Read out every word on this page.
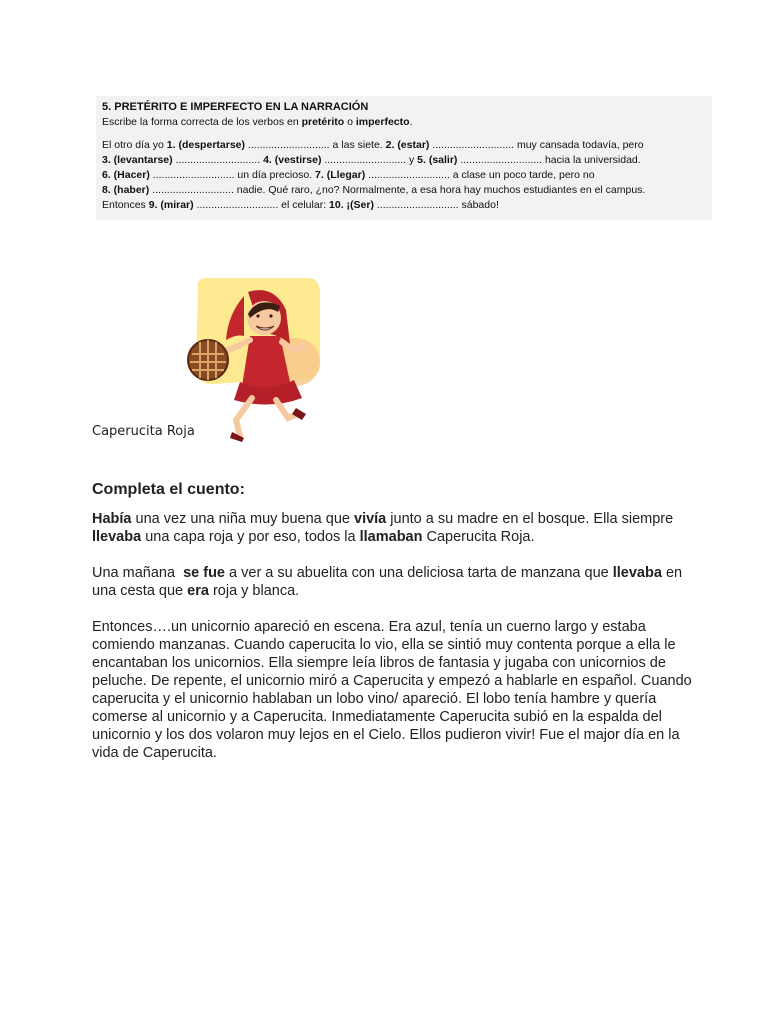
5. PRETÉRITO E IMPERFECTO EN LA NARRACIÓN
Escribe la forma correcta de los verbos en pretérito o imperfecto.
El otro día yo 1. (despertarse) ............................ a las siete. 2. (estar) ............................ muy cansada todavía, pero
3. (levantarse) ............................. 4. (vestirse) ............................ y 5. (salir) ............................ hacia la universidad.
6. (Hacer) ............................ un día precioso. 7. (Llegar) ............................ a clase un poco tarde, pero no
8. (haber) ............................ nadie. Qué raro, ¿no? Normalmente, a esa hora hay muchos estudiantes en el campus.
Entonces 9. (mirar) ............................ el celular: 10. ¡(Ser) ............................ sábado!
Caperucita Roja
Completa el cuento:

Había una vez una niña muy buena que vivía junto a su madre en el bosque. Ella siempre llevaba una capa roja y por eso, todos la llamaban Caperucita Roja.

Una mañana  se fue a ver a su abuelita con una deliciosa tarta de manzana que llevaba en una cesta que era roja y blanca.

Entonces….un unicornio apareció en escena. Era azul, tenía un cuerno largo y estaba comiendo manzanas. Cuando caperucita lo vio, ella se sintió muy contenta porque a ella le encantaban los unicornios. Ella siempre leía libros de fantasia y jugaba con unicornios de peluche. De repente, el unicornio miró a Caperucita y empezó a hablarle en español. Cuando caperucita y el unicornio hablaban un lobo vino/ apareció. El lobo tenía hambre y quería comerse al unicornio y a Caperucita. Inmediatamente Caperucita subió en la espalda del unicornio y los dos volaron muy lejos en el Cielo. Ellos pudieron vivir! Fue el major día en la vida de Caperucita.
